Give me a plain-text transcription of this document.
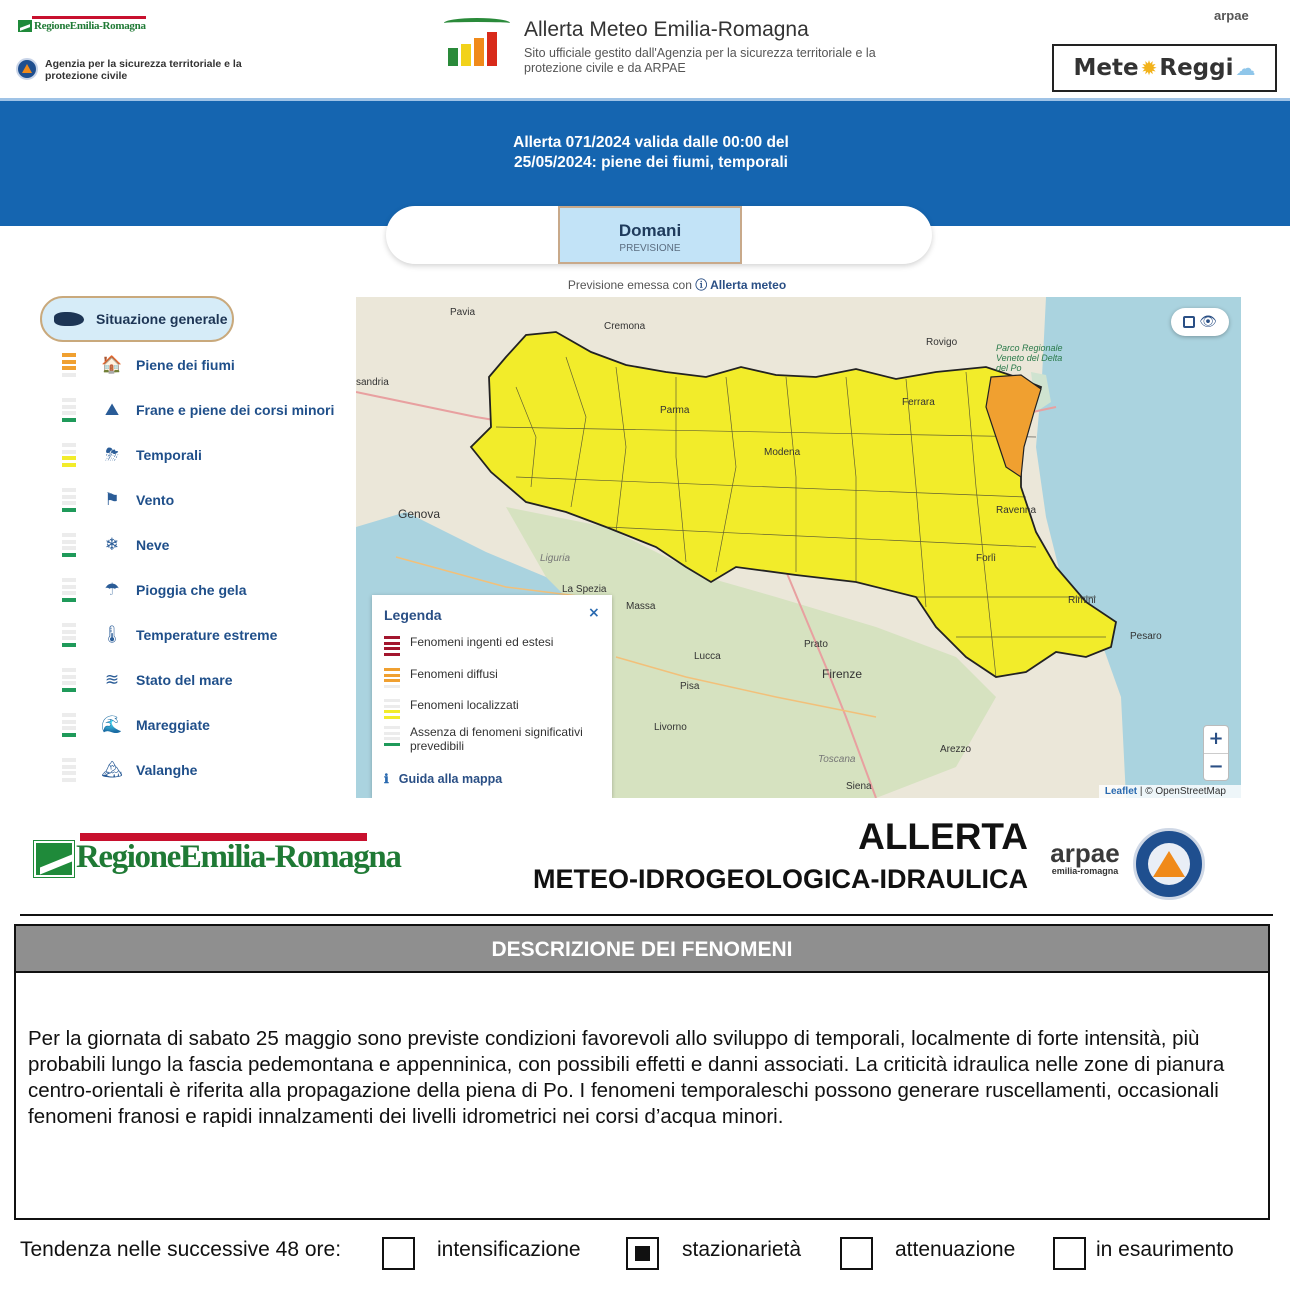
RegioneEmilia-Romagna
Agenzia per la sicurezza territoriale e la protezione civile
Allerta Meteo Emilia-Romagna
Sito ufficiale gestito dall'Agenzia per la sicurezza territoriale e la protezione civile e da ARPAE
arpae
Mete ✹ Reggi ☁
Allerta 071/2024 valida dalle 00:00 del
25/05/2024: piene dei fiumi, temporali
Domani
PREVISIONE
Previsione emessa con ⓘ Allerta meteo
Situazione generale
🏠 Piene dei fiumi
⛰	Frane e piene dei corsi minori
⛈	Temporali
⚑	Vento
❄	Neve
☂	Pioggia che gela
🌡 Temperature estreme
≋	Stato del mare
🌊 Mareggiate
🏔 Valanghe
Pavia
Cremona
Rovigo	Parco Regionale Veneto del Delta del Po
sandria
Parma
Ferrara
Modena
Genova	Ravenna
Liguria	Forlì
La Spezia
Massa
Rimini
Pesaro
Lucca
Prato
Firenze
Pisa
Livorno
Arezzo
Toscana
Siena
👁
+
−
Leaflet | © OpenStreetMap
Legenda	×
Fenomeni ingenti ed estesi
Fenomeni diffusi
Fenomeni localizzati
Assenza di fenomeni significativi prevedibili
ℹ Guida alla mappa
RegioneEmilia-Romagna	ALLERTA
METEO-IDROGEOLOGICA-IDRAULICA
arpae
emilia-romagna
DESCRIZIONE DEI FENOMENI
Per la giornata di sabato 25 maggio sono previste condizioni favorevoli allo sviluppo di temporali, localmente di forte intensità, più probabili lungo la fascia pedemontana e appenninica, con possibili effetti e danni associati. La criticità idraulica nelle zone di pianura centro-orientali è riferita alla propagazione della piena di Po. I fenomeni temporaleschi possono generare ruscellamenti, occasionali fenomeni franosi e rapidi innalzamenti dei livelli idrometrici nei corsi d’acqua minori.
Tendenza nelle successive 48 ore:	intensificazione	stazionarietà	attenuazione	in esaurimento
